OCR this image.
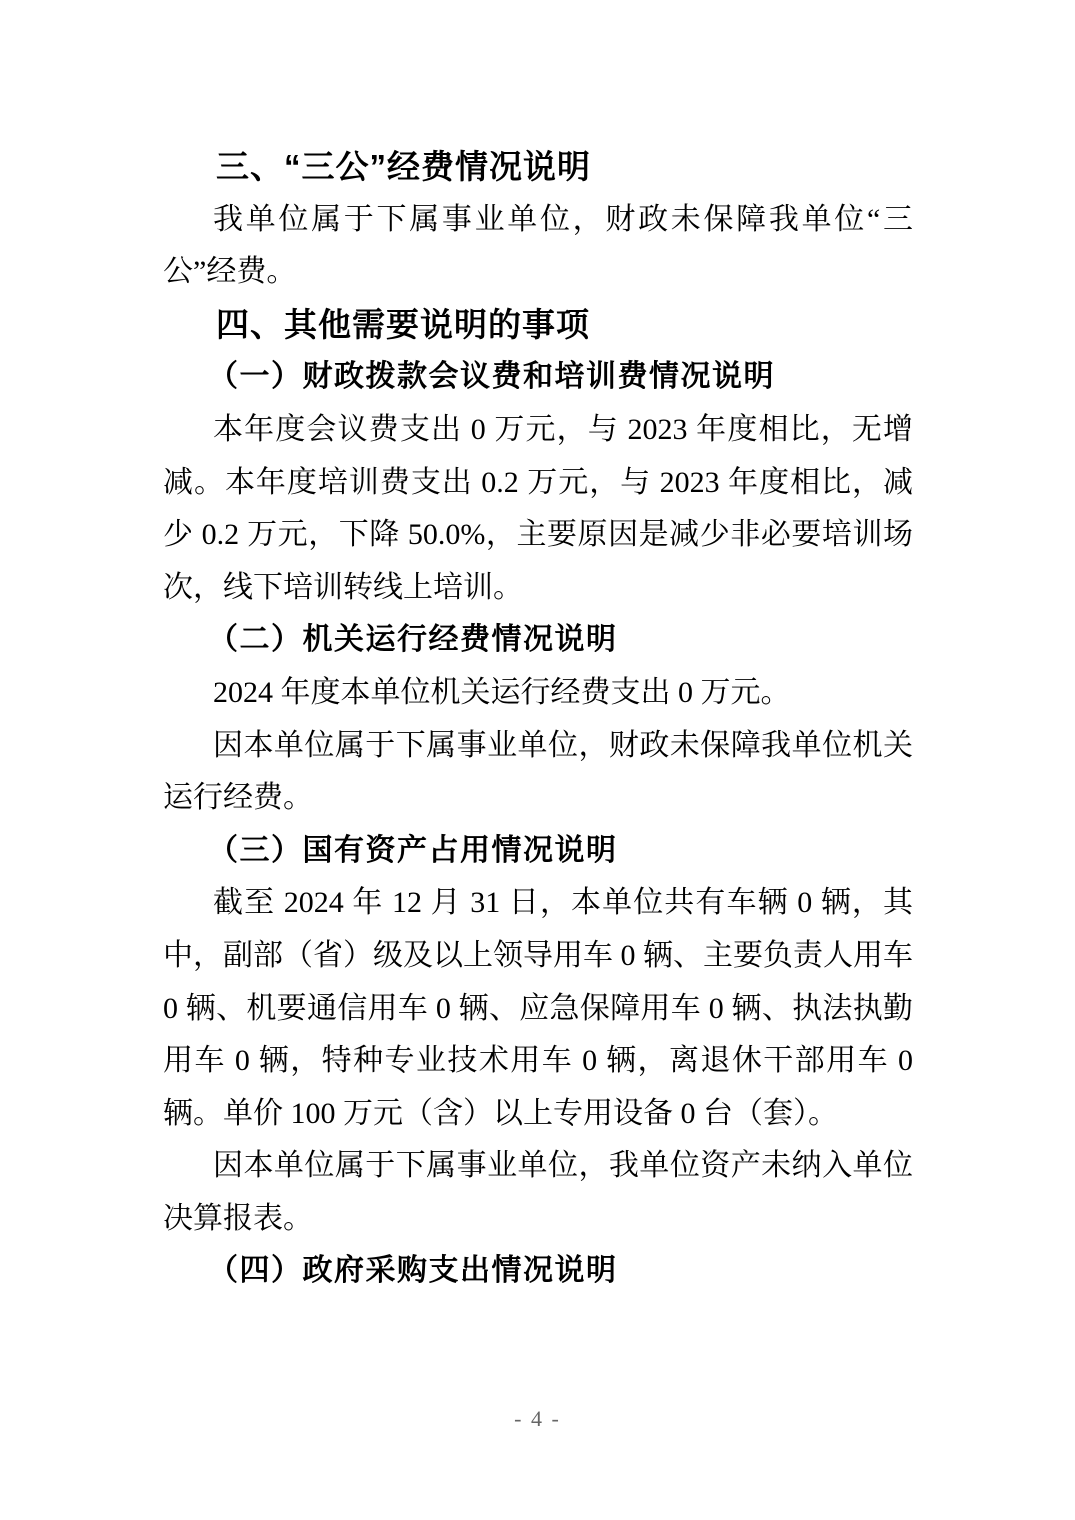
三、“三公”经费情况说明

我单位属于下属事业单位，财政未保障我单位“三公”经费。

四、其他需要说明的事项
（一）财政拨款会议费和培训费情况说明

本年度会议费支出 0 万元，与 2023 年度相比，无增减。本年度培训费支出 0.2 万元，与 2023 年度相比，减少 0.2 万元，下降 50.0%，主要原因是减少非必要培训场次，线下培训转线上培训。

（二）机关运行经费情况说明

2024 年度本单位机关运行经费支出 0 万元。

因本单位属于下属事业单位，财政未保障我单位机关运行经费。

（三）国有资产占用情况说明

截至 2024 年 12 月 31 日，本单位共有车辆 0 辆，其中，副部（省）级及以上领导用车 0 辆、主要负责人用车 0 辆、机要通信用车 0 辆、应急保障用车 0 辆、执法执勤用车 0 辆，特种专业技术用车 0 辆，离退休干部用车 0 辆。单价 100 万元（含）以上专用设备 0 台（套）。

因本单位属于下属事业单位，我单位资产未纳入单位决算报表。

（四）政府采购支出情况说明
- 4 -
